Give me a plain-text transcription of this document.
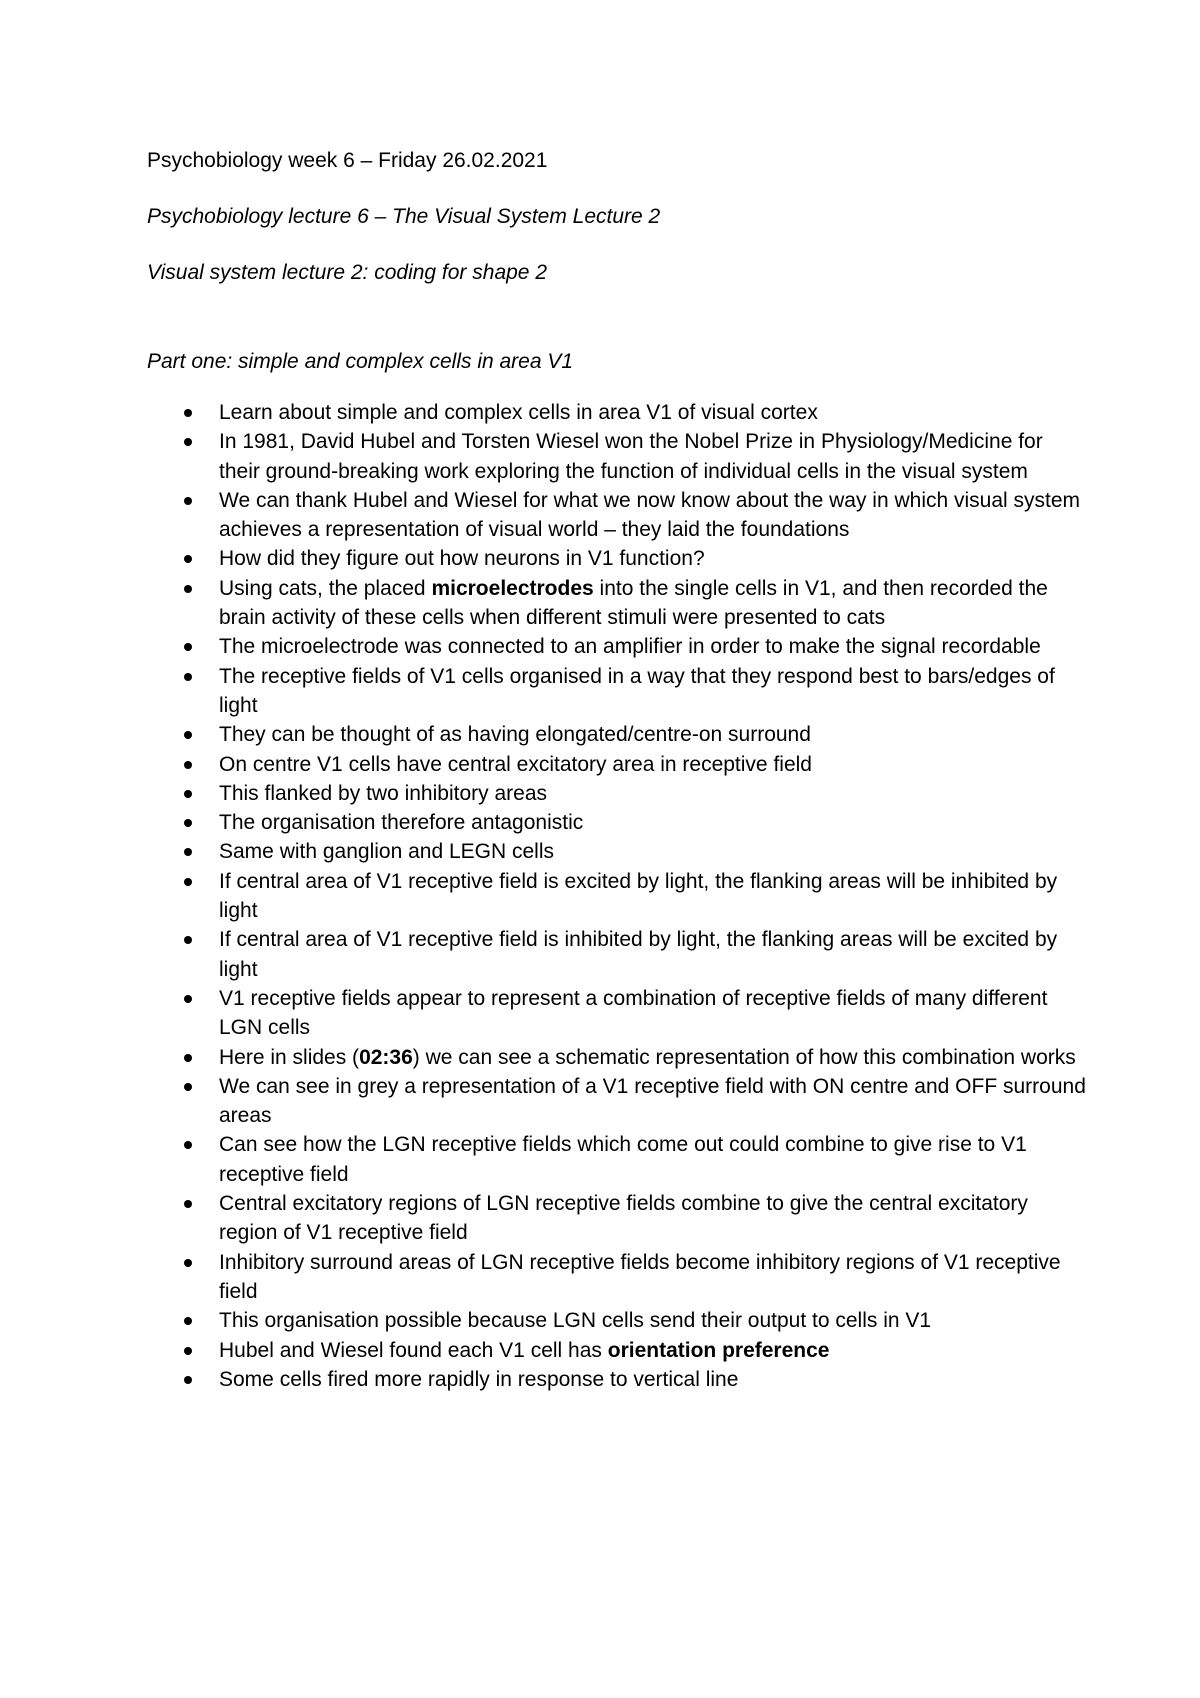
Psychobiology week 6 – Friday 26.02.2021

Psychobiology lecture 6 – The Visual System Lecture 2

Visual system lecture 2: coding for shape 2

Part one: simple and complex cells in area V1

Learn about simple and complex cells in area V1 of visual cortex
In 1981, David Hubel and Torsten Wiesel won the Nobel Prize in Physiology/Medicine for their ground-breaking work exploring the function of individual cells in the visual system
We can thank Hubel and Wiesel for what we now know about the way in which visual system achieves a representation of visual world – they laid the foundations
How did they figure out how neurons in V1 function?
Using cats, the placed microelectrodes into the single cells in V1, and then recorded the brain activity of these cells when different stimuli were presented to cats
The microelectrode was connected to an amplifier in order to make the signal recordable
The receptive fields of V1 cells organised in a way that they respond best to bars/edges of light
They can be thought of as having elongated/centre-on surround
On centre V1 cells have central excitatory area in receptive field
This flanked by two inhibitory areas
The organisation therefore antagonistic
Same with ganglion and LEGN cells
If central area of V1 receptive field is excited by light, the flanking areas will be inhibited by light
If central area of V1 receptive field is inhibited by light, the flanking areas will be excited by light
V1 receptive fields appear to represent a combination of receptive fields of many different LGN cells
Here in slides (02:36) we can see a schematic representation of how this combination works
We can see in grey a representation of a V1 receptive field with ON centre and OFF surround areas
Can see how the LGN receptive fields which come out could combine to give rise to V1 receptive field
Central excitatory regions of LGN receptive fields combine to give the central excitatory region of V1 receptive field
Inhibitory surround areas of LGN receptive fields become inhibitory regions of V1 receptive field
This organisation possible because LGN cells send their output to cells in V1
Hubel and Wiesel found each V1 cell has orientation preference
Some cells fired more rapidly in response to vertical line
